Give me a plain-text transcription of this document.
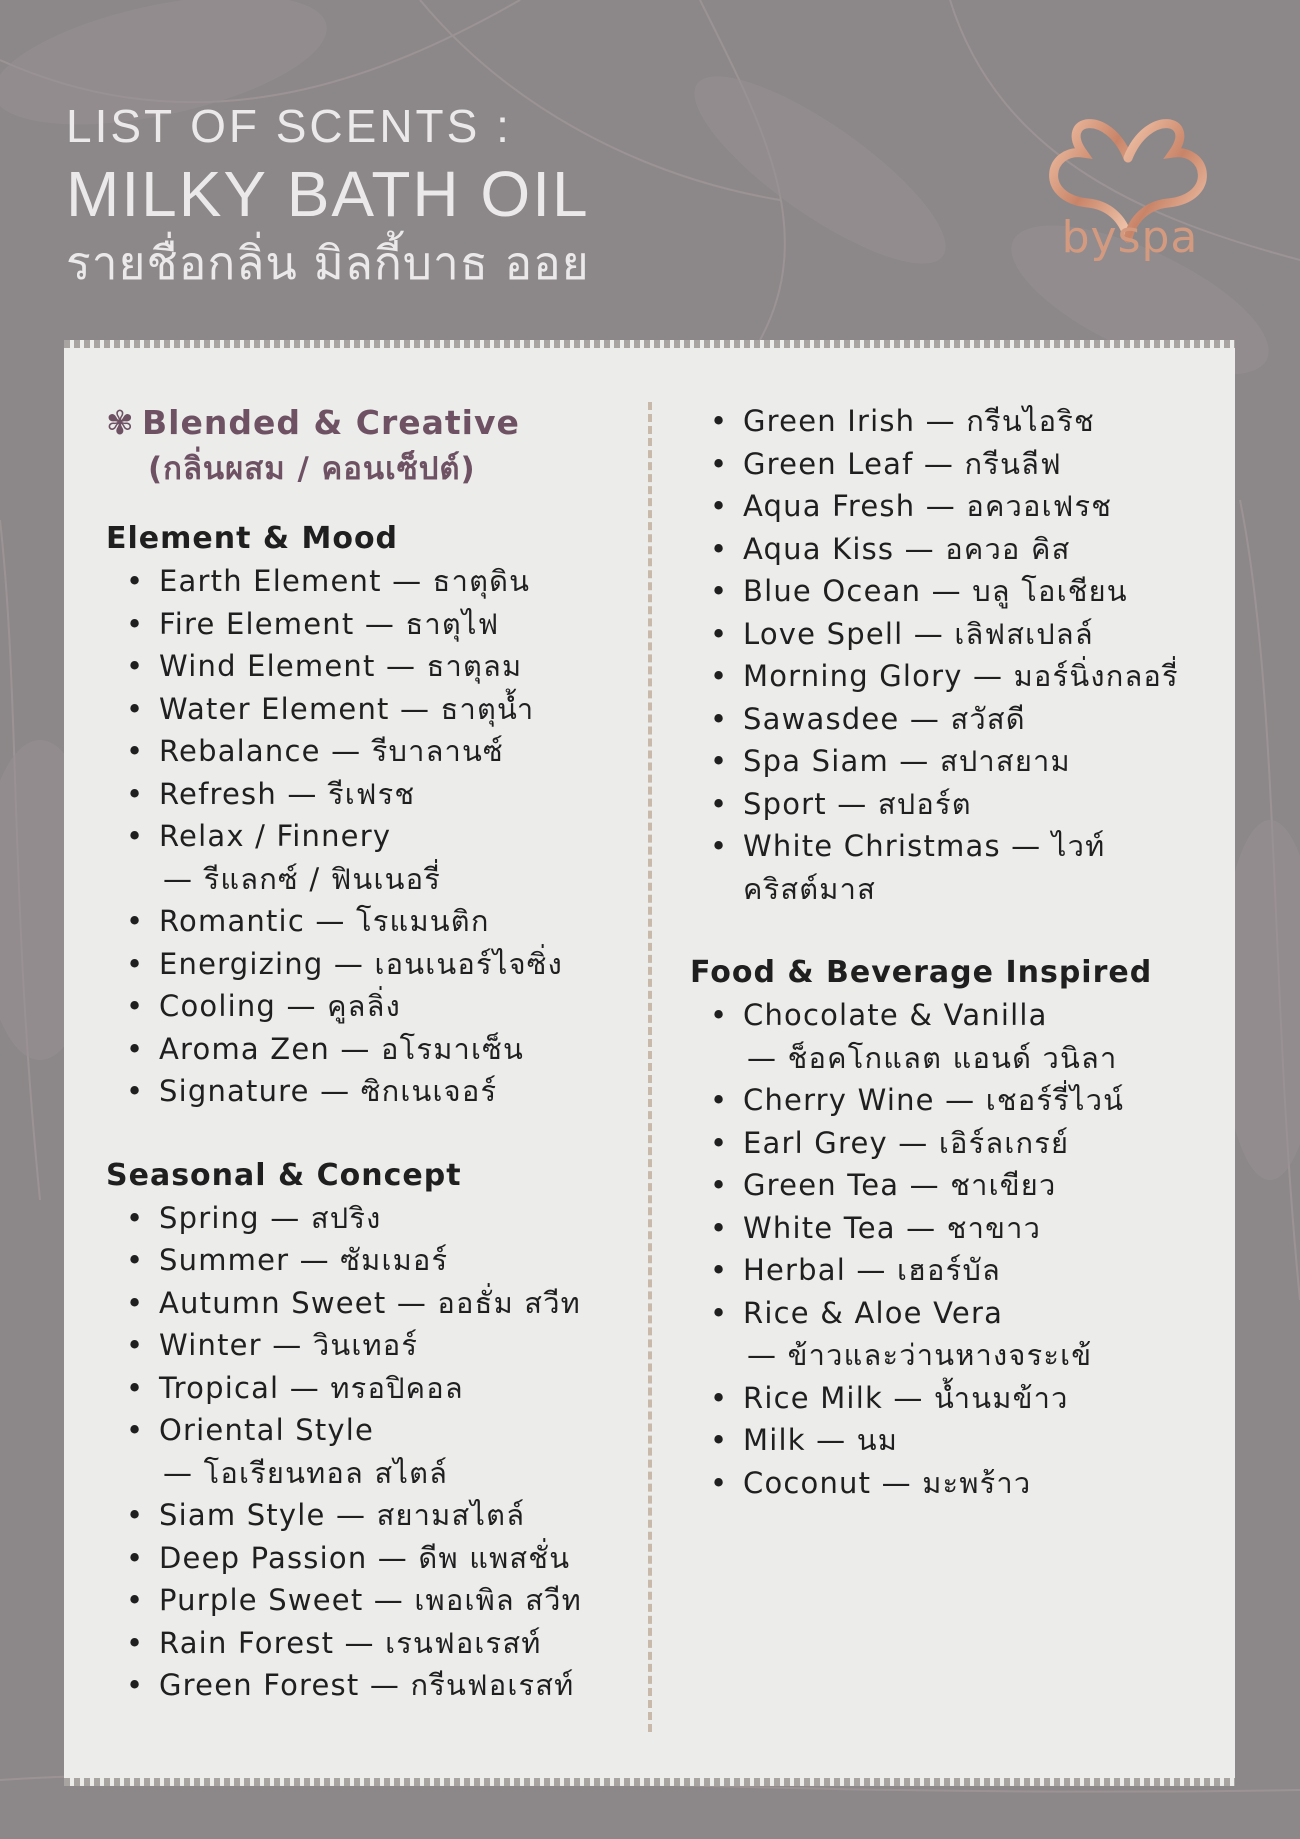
LIST OF SCENTS :
MILKY BATH OIL
รายชื่อกลิ่น มิลกี้บาธ ออย	byspa
✾ Blended & Creative
(กลิ่นผสม / คอนเซ็ปต์)
Element & Mood
• Earth Element — ธาตุดิน
• Fire Element — ธาตุไฟ
• Wind Element — ธาตุลม
• Water Element — ธาตุน้ำ
• Rebalance — รีบาลานซ์
• Refresh — รีเฟรช
• Relax / Finnery
— รีแลกซ์ / ฟินเนอรี่
• Romantic — โรแมนติก
• Energizing — เอนเนอร์ไจซิ่ง
• Cooling — คูลลิ่ง
• Aroma Zen — อโรมาเซ็น
• Signature — ซิกเนเจอร์
Seasonal & Concept
• Spring — สปริง
• Summer — ซัมเมอร์
• Autumn Sweet — ออธั่ม สวีท
• Winter — วินเทอร์
• Tropical — ทรอปิคอล
• Oriental Style
— โอเรียนทอล สไตล์
• Siam Style — สยามสไตล์
• Deep Passion — ดีพ แพสชั่น
• Purple Sweet — เพอเพิล สวีท
• Rain Forest — เรนฟอเรสท์
• Green Forest — กรีนฟอเรสท์
• Green Irish — กรีนไอริช
• Green Leaf — กรีนลีฟ
• Aqua Fresh — อควอเฟรช
• Aqua Kiss — อควอ คิส
• Blue Ocean — บลู โอเชียน
• Love Spell — เลิฟสเปลล์
• Morning Glory — มอร์นิ่งกลอรี่
• Sawasdee — สวัสดี
• Spa Siam — สปาสยาม
• Sport — สปอร์ต
• White Christmas — ไวท์
คริสต์มาส
Food & Beverage Inspired
• Chocolate & Vanilla
— ช็อคโกแลต แอนด์ วนิลา
• Cherry Wine — เชอร์รี่ไวน์
• Earl Grey — เอิร์ลเกรย์
• Green Tea — ชาเขียว
• White Tea — ชาขาว
• Herbal — เฮอร์บัล
• Rice & Aloe Vera
— ข้าวและว่านหางจระเข้
• Rice Milk — น้ำนมข้าว
• Milk — นม
• Coconut — มะพร้าว
